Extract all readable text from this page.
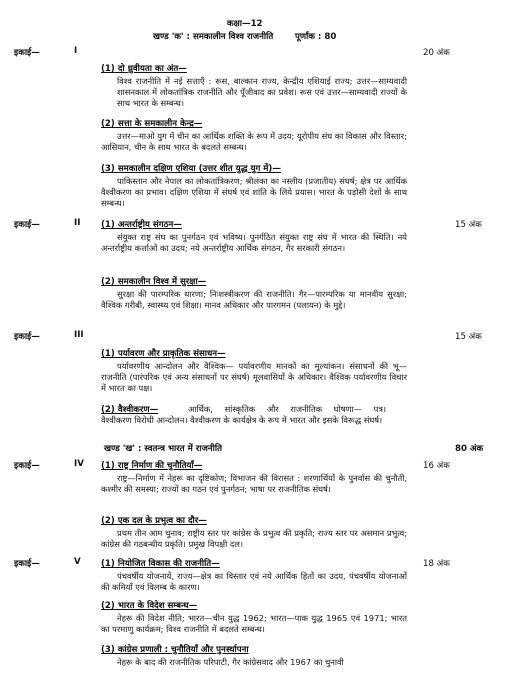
कक्षा—12
खण्ड 'क' : समकालीन विश्व राजनीति	पूर्णांक : 80
इकाई—	I	20 अंक
(1) दो ध्रुवीयता का अंत—
विश्व राजनीति में नई सत्ताएँ : रूस, बाल्कान राज्य, केन्द्रीय एशियाई राज्य; उत्तर—साम्यवादी शासनकाल में लोकतांत्रिक राजनीति और पूँजीवाद का प्रवेश। रूस एवं उत्तर—साम्यवादी राज्यों के साथ भारत के सम्बन्ध।
(2) सत्ता के समकालीन केन्द्र—
उत्तर—माओ युग में चीन का आर्थिक शक्ति के रूप में उदय; यूरोपीय संघ का विकास और विस्तार; आसियान, चीन के साथ भारत के बदलते सम्बन्ध।
(3) समकालीन दक्षिण एशिया (उत्तर शीत युद्ध युग में)—
पाकिस्तान और नेपाल का लोकतांत्रिकरण; श्रीलंका का नस्लीय (प्रजातीय) संघर्ष; क्षेत्र पर आर्थिक वैश्वीकरण का प्रभाव। दक्षिण एशिया में संघर्ष एवं शांति के लिये प्रयास। भारत के पड़ोसी देशों के साथ सम्बन्ध।
इकाई—	II	15 अंक
(1) अन्तर्राष्ट्रीय संगठन—
संयुक्त राष्ट्र संघ का पुनर्गठन एवं भविष्य। पुनर्गठित संयुक्त राष्ट्र संघ में भारत की स्थिति। नये अन्तर्राष्ट्रीय कर्त्ताओं का उदय; नये अन्तर्राष्ट्रीय आर्थिक संगठन, गैर सरकारी संगठन।
(2) समकालीन विश्व में सुरक्षा—
सुरक्षा की पारम्परिक धारणा; निःशस्त्रीकरण की राजनीति। गैर—पारम्परिक या मानवीय सुरक्षा; वैश्विक गरीबी, स्वास्थ्य एवं शिक्षा। मानव अधिकार और पारगमन (पलायन) के मुद्दे।
इकाई—	III	15 अंक
(1) पर्यावरण और प्राकृतिक संसाधन—
पर्यावरणीय आन्दोलन और वैश्विक— पर्यावरणीय मानकों का मूल्यांकन। संसाधनों की भू—राजनीति (पारंपरिक एवं अन्य संसाधनों पर संघर्ष) मूलवासियों के अधिकार। वैश्विक पर्यावरणीय विचार में भारत का पक्ष।
(2) वैश्वीकरण—	आर्थिक, सांस्कृतिक और राजनीतिक घोषणा— पत्र।
वैश्वीकरण विरोधी आन्दोलन। वैश्वीकरण के कार्यक्षेत्र के रूप में भारत और इसके विरूद्ध संघर्ष।
खण्ड 'ख' : स्वतन्त्र भारत में राजनीति	80 अंक
इकाई—	IV	16 अंक
(1) राष्ट्र निर्माण की चुनौतियाँ—
राष्ट्र—निर्माण में नेहरू का दृष्टिकोण; विभाजन की विरासत : शरणार्थियों के पुनर्वास की चुनौती, कश्मीर की समस्या; राज्यों का गठन एवं पुनर्गठन; भाषा पर राजनीतिक संघर्ष।
(2) एक दल के प्रभुत्व का दौर—
प्रथम तीन आम चुनाव; राष्ट्रीय स्तर पर कांग्रेस के प्रभुत्व की प्रकृति; राज्य स्तर पर असमान प्रभुत्व; कांग्रेस की गठबन्धीय प्रकृति। प्रमुख विपक्षी दल।
इकाई—	V	18 अंक
(1) नियोजित विकास की राजनीति—
पंचवर्षीय योजनायें, राज्य—क्षेत्र का विस्तार एवं नये आर्थिक हितों का उदय, पंचवर्षीय योजनाओं की कमियाँ एवं विलम्ब के कारण।
(2) भारत के विदेश सम्बन्ध—
नेहरू की विदेश नीति; भारत—चीन युद्ध 1962; भारत—पाक युद्ध 1965 एवं 1971; भारत का परमाणु कार्यक्रम; विश्व राजनीति में बदलते सम्बन्ध।
(3) कांग्रेस प्रणाली : चुनौतियाँ और पुनर्स्थापना
नेहरू के बाद की राजनीतिक परिपाटी, गैर कांग्रेसवाद और 1967 का चुनावी
